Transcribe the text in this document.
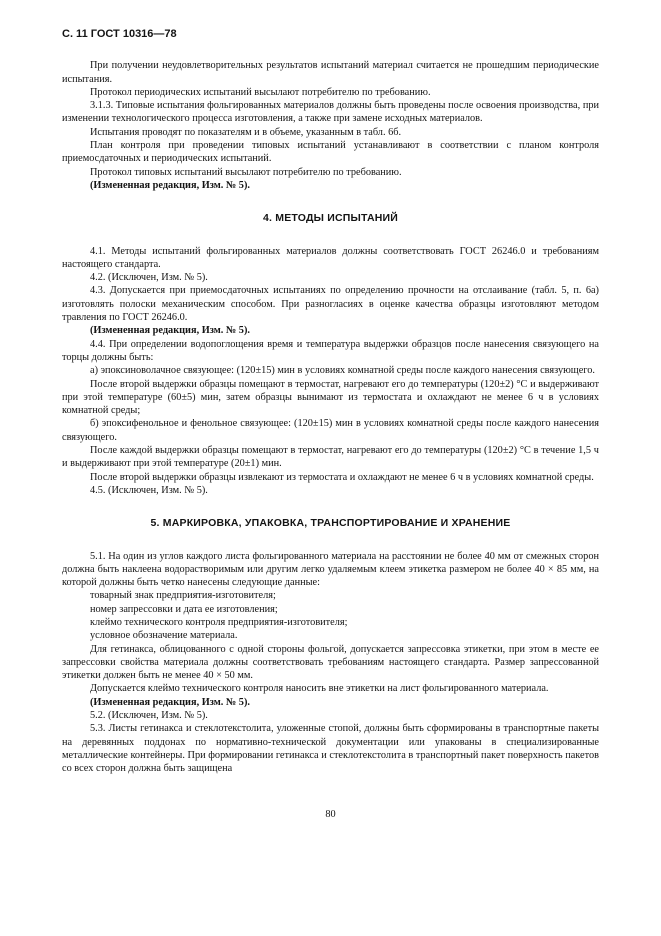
С. 11 ГОСТ 10316—78

При получении неудовлетворительных результатов испытаний материал считается не прошедшим периодические испытания.

Протокол периодических испытаний высылают потребителю по требованию.

3.1.3. Типовые испытания фольгированных материалов должны быть проведены после освоения производства, при изменении технологического процесса изготовления, а также при замене исходных материалов.

Испытания проводят по показателям и в объеме, указанным в табл. 6б.

План контроля при проведении типовых испытаний устанавливают в соответствии с планом контроля приемосдаточных и периодических испытаний.

Протокол типовых испытаний высылают потребителю по требованию.

(Измененная редакция, Изм. № 5).

4. МЕТОДЫ ИСПЫТАНИЙ

4.1. Методы испытаний фольгированных материалов должны соответствовать ГОСТ 26246.0 и требованиям настоящего стандарта.

4.2. (Исключен, Изм. № 5).

4.3. Допускается при приемосдаточных испытаниях по определению прочности на отслаивание (табл. 5, п. 6а) изготовлять полоски механическим способом. При разногласиях в оценке качества образцы изготовляют методом травления по ГОСТ 26246.0.

(Измененная редакция, Изм. № 5).

4.4. При определении водопоглощения время и температура выдержки образцов после нанесения связующего на торцы должны быть:

а) эпоксиноволачное связующее: (120±15) мин в условиях комнатной среды после каждого нанесения связующего.

После второй выдержки образцы помещают в термостат, нагревают его до температуры (120±2) °С и выдерживают при этой температуре (60±5) мин, затем образцы вынимают из термостата и охлаждают не менее 6 ч в условиях комнатной среды;

б) эпоксифенольное и фенольное связующее: (120±15) мин в условиях комнатной среды после каждого нанесения связующего.

После каждой выдержки образцы помещают в термостат, нагревают его до температуры (120±2) °С в течение 1,5 ч и выдерживают при этой температуре (20±1) мин.

После второй выдержки образцы извлекают из термостата и охлаждают не менее 6 ч в условиях комнатной среды.

4.5. (Исключен, Изм. № 5).

5. МАРКИРОВКА, УПАКОВКА, ТРАНСПОРТИРОВАНИЕ И ХРАНЕНИЕ

5.1. На один из углов каждого листа фольгированного материала на расстоянии не более 40 мм от смежных сторон должна быть наклеена водорастворимым или другим легко удаляемым клеем этикетка размером не более 40 × 85 мм, на которой должны быть четко нанесены следующие данные:

товарный знак предприятия-изготовителя;

номер запрессовки и дата ее изготовления;

клеймо технического контроля предприятия-изготовителя;

условное обозначение материала.

Для гетинакса, облицованного с одной стороны фольгой, допускается запрессовка этикетки, при этом в месте ее запрессовки свойства материала должны соответствовать требованиям настоящего стандарта. Размер запрессованной этикетки должен быть не менее 40 × 50 мм.

Допускается клеймо технического контроля наносить вне этикетки на лист фольгированного материала.

(Измененная редакция, Изм. № 5).

5.2. (Исключен, Изм. № 5).

5.3. Листы гетинакса и стеклотекстолита, уложенные стопой, должны быть сформированы в транспортные пакеты на деревянных поддонах по нормативно-технической документации или упакованы в специализированные металлические контейнеры. При формировании гетинакса и стеклотекстолита в транспортный пакет поверхность пакетов со всех сторон должна быть защищена

80
